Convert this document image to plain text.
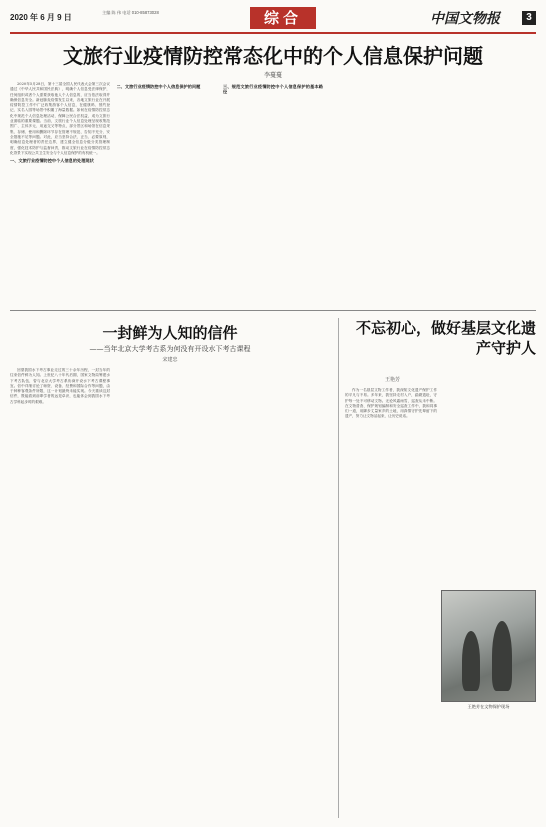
2020 年 6 月 9 日
主编 陈 伟 电话 010-85873028	综合	中国文物报	3
文旅行业疫情防控常态化中的个人信息保护问题
李蔓蔓

2020年5月28日，第十三届全国人民代表大会第三次会议通过《中华人民共和国民法典》，明确个人信息受法律保护，任何组织或者个人需要获取他人个人信息的，应当依法取得并确保信息安全。新冠肺炎疫情发生以来，各地文旅行业在开展疫情防控工作中广泛收集游客个人信息，在健康码、预约登记、实名入园等场景中积累了海量数据。如何在疫情防控常态化中规范个人信息处理活动，保障公民合法权益，成为文旅行业面临的重要课题。当前，文旅行业个人信息处理呈现收集范围广、主体多元、用途交叉等特点，部分景区和场馆在信息采集、存储、使用和删除环节存在管理不规范、告知不充分、安全措施不足等问题。对此，应当坚持合法、正当、必要原则，明确信息处理者的责任边界，建立健全信息分级分类管理制度，强化技术防护与监督问责，推动文旅行业在疫情防控常态化背景下实现公共卫生安全与个人信息保护的有机统一。

一、文旅行业疫情防控中个人信息的处理现状
二、文旅行业疫情防控中个人信息保护的问题	三、规范文旅行业疫情防控中个人信息保护的基本路径
一封鲜为人知的信件
——当年北京大学考古系为何没有开设水下考古课程
宋建忠
不忘初心，做好基层文化遗产守护人
王艳芳

回望我国水下考古事业走过的三十余年历程，一封当年的往来信件鲜为人知。上世纪八十年代后期，国家文物局筹建水下考古队伍，曾与北京大学考古系协商开设水下考古课程事宜。信中详细讨论了师资、设备、经费和国际合作等问题，由于种种客观条件所限，这一计划最终未能实现。今天重读这封信件，既能看到前辈学者的远见卓识，也能体会到我国水下考古学科起步时的艰难。

作为一名基层文物工作者，我深知文化遗产保护工作的平凡与不易。多年来，我坚持走村入户，踏勘遗址，守护每一处不可移动文物。无论风霜雨雪，巡查从未中断。在文物普查、保护规划编制和安全巡查工作中，我和同事们一道，用脚步丈量家乡的土地，用真情守护先辈留下的遗产，努力让文物活起来，让历史说话。

王艳芳在文物保护现场
